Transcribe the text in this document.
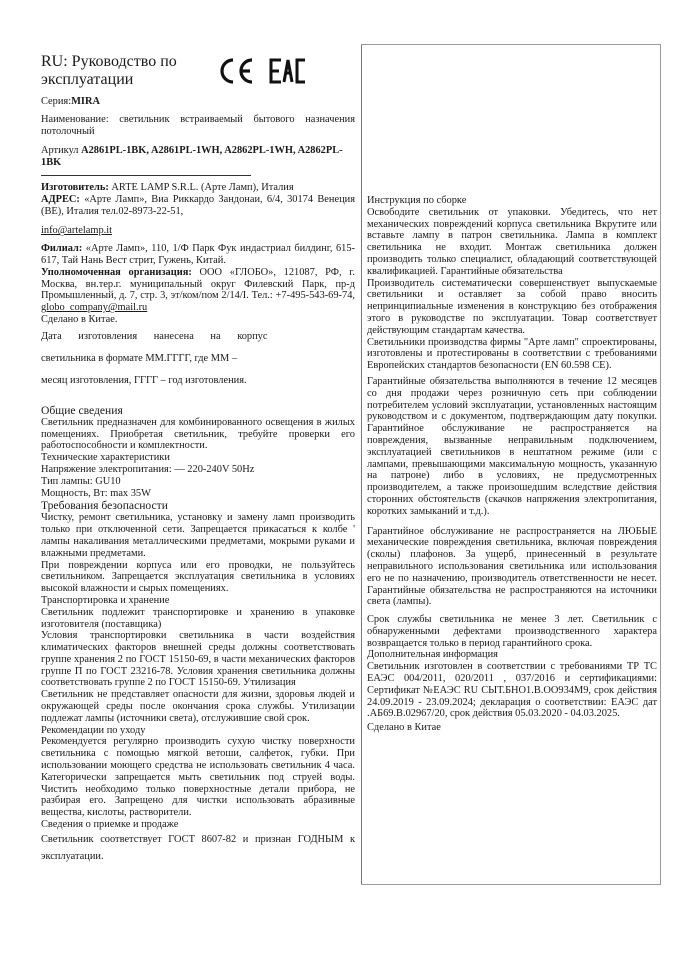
RU: Руководство по эксплуатации

Серия:MIRA

Наименование: светильник встраиваемый бытового назначения потолочный

Артикул A2861PL-1BK, A2861PL-1WH, A2862PL-1WH, A2862PL-1BK

Изготовитель: ARTE LAMP S.R.L. (Арте Ламп), Италия

АДРЕС: «Арте Ламп», Виа Риккардо Зандонаи, 6/4, 30174 Венеция (ВЕ), Италия тел.02-8973-22-51,

info@artelamp.it

Филиал: «Арте Ламп», 110, 1/Ф Парк Фук индастриал билдинг, 615-617, Тай Нань Вест стрит, Гужень, Китай.

Уполномоченная организация: ООО «ГЛОБО», 121087, РФ, г. Москва, вн.тер.г. муниципальный округ Филевский Парк, пр-д Промышленный, д. 7, стр. 3, эт/ком/пом 2/14/I. Тел.: +7-495-543-69-74, globo_company@mail.ru

Сделано в Китае.

Дата изготовления нанесена на корпус

светильника в формате ММ.ГГГГ, где ММ –

месяц изготовления, ГГГГ – год изготовления.

Общие сведения

Светильник предназначен для комбинированного освещения в жилых помещениях. Приобретая светильник, требуйте проверки его работоспособности и комплектности.

Технические характеристики

Напряжение электропитания: — 220-240V 50Hz

Тип лампы: GU10

Мощность, Вт: max 35W

Требования безопасности

Чистку, ремонт светильника, установку и замену ламп производить только при отключенной сети. Запрещается прикасаться к колбе ' лампы накаливания металлическими предметами, мокрыми руками и влажными предметами.

При повреждении корпуса или его проводки, не пользуйтесь светильником. Запрещается эксплуатация светильника в условиях высокой влажности и сырых помещениях.

Транспортировка и хранение

Светильник подлежит транспортировке и хранению в упаковке изготовителя (поставщика)

Условия транспортировки светильника в части воздействия климатических факторов внешней среды должны соответствовать группе хранения 2 по ГОСТ 15150-69, в части механических факторов группе П по ГОСТ 23216-78. Условия хранения светильника должны соответствовать группе 2 по ГОСТ 15150-69. Утилизация

Светильник не представляет опасности для жизни, здоровья людей и окружающей среды после окончания срока службы. Утилизации подлежат лампы (источники света), отслужившие свой срок.

Рекомендации по уходу

Рекомендуется регулярно производить сухую чистку поверхности светильника с помощью мягкой ветоши, салфеток, губки. При использовании моющего средства не использовать светильник 4 часа. Категорически запрещается мыть светильник под струей воды. Чистить необходимо только поверхностные детали прибора, не разбирая его. Запрещено для чистки использовать абразивные вещества, кислоты, растворители.

Сведения о приемке и продаже

Светильник соответствует ГОСТ 8607-82 и признан ГОДНЫМ к эксплуатации.

Инструкция по сборке

Освободите светильник от упаковки. Убедитесь, что нет механических повреждений корпуса светильника Вкрутите или вставьте лампу в патрон светильника. Лампа в комплект светильника не входит. Монтаж светильника должен производить только специалист, обладающий соответствующей квалификацией. Гарантийные обязательства

Производитель систематически совершенствует выпускаемые светильники и оставляет за собой право вносить непринципиальные изменения в конструкцию без отображения этого в руководстве по эксплуатации. Товар соответствует действующим стандартам качества.

Светильники производства фирмы "Арте ламп" спроектированы, изготовлены и протестированы в соответствии с требованиями Европейских стандартов безопасности (EN 60.598 CE).

Гарантийные обязательства выполняются в течение 12 месяцев со дня продажи через розничную сеть при соблюдении потребителем условий эксплуатации, установленных настоящим руководством и с документом, подтверждающим дату покупки. Гарантийное обслуживание не распространяется на повреждения, вызванные неправильным подключением, эксплуатацией светильников в нештатном режиме (или с лампами, превышающими максимальную мощность, указанную на патроне) либо в условиях, не предусмотренных производителем, а также произошедшим вследствие действия сторонних обстоятельств (скачков напряжения электропитания, коротких замыканий и т.д.).

Гарантийное обслуживание не распространяется на ЛЮБЫЕ механические повреждения светильника, включая повреждения (сколы) плафонов. За ущерб, принесенный в результате неправильного использования светильника или использования его не по назначению, производитель ответственности не несет. Гарантийные обязательства не распространяются на источники света (лампы).

Срок службы светильника не менее 3 лет. Светильник с обнаруженными дефектами производственного характера возвращается только в период гарантийного срока.

Дополнительная информация

Светильник изготовлен в соответствии с требованиями ТР ТС ЕАЭС 004/2011, 020/2011 , 037/2016 и сертификациями: Сертификат №ЕАЭС RU СЫТ.БНО1.В.ОО934М9, срок действия 24.09.2019 - 23.09.2024; декларация о соответствии: ЕАЭС дат .АБ69.В.02967/20, срок действия 05.03.2020 - 04.03.2025.

Сделано в Китае
